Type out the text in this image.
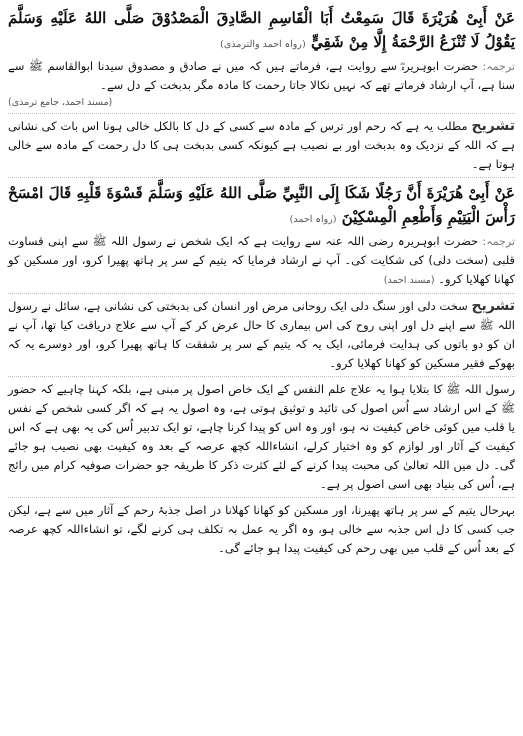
عَنْ أَبِىْ هُرَيْرَةَ قَالَ سَمِعْتُ أَبَا الْقَاسِمِ الصَّادِقَ الْمَصْدُوْقَ صَلَّى اللهُ عَلَيْهِ وَسَلَّمَ يَقُوْلُ لَا تُنْزَعُ الرَّحْمَةُ إِلَّا مِنْ شَقِيٍّ (رواہ احمد والترمذی)

ترجمہ: حضرت ابوہریرہؓ سے روایت ہے، فرماتے ہیں کہ میں نے صادق و مصدوق سیدنا ابوالقاسم ﷺ سے سنا ہے، آپ ارشاد فرماتے تھے کہ نہیں نکالا جاتا رحمت کا مادہ مگر بدبخت کے دل سے۔

(مسند احمد، جامع ترمذی)

تشریح مطلب یہ ہے کہ رحم اور ترس کے مادہ سے کسی کے دل کا بالکل خالی ہونا اس بات کی نشانی ہے کہ اللہ کے نزدیک وہ بدبخت اور بے نصیب ہے کیونکہ کسی بدبخت ہی کا دل رحمت کے مادہ سے خالی ہوتا ہے۔

عَنْ أَبِىْ هُرَيْرَةَ أَنَّ رَجُلًا شَكَا إِلَى النَّبِيِّ صَلَّى اللهُ عَلَيْهِ وَسَلَّمَ قَسْوَةَ قَلْبِهِ قَالَ امْسَحْ رَأْسَ الْيَتِيْمِ وَأَطْعِمِ الْمِسْكِيْنَ (رواہ احمد)

ترجمہ: حضرت ابوہریرہ رضی اللہ عنہ سے روایت ہے کہ ایک شخص نے رسول اللہ ﷺ سے اپنی قساوت قلبی (سخت دلی) کی شکایت کی۔ آپ نے ارشاد فرمایا کہ یتیم کے سر پر ہاتھ پھیرا کرو، اور مسکین کو کھانا کھلایا کرو۔ (مسند احمد)

تشریح سخت دلی اور سنگ دلی ایک روحانی مرض اور انسان کی بدبختی کی نشانی ہے، سائل نے رسول اللہ ﷺ سے اپنے دل اور اپنی روح کی اس بیماری کا حال عرض کر کے آپ سے علاج دریافت کیا تھا، آپ نے ان کو دو باتوں کی ہدایت فرمائی، ایک یہ کہ یتیم کے سر پر شفقت کا ہاتھ پھیرا کرو، اور دوسرے یہ کہ بھوکے فقیر مسکین کو کھانا کھلایا کرو۔

رسول اللہ ﷺ کا بتلایا ہوا یہ علاج علم النفس کے ایک خاص اصول پر مبنی ہے، بلکہ کہنا چاہیے کہ حضور ﷺ کے اس ارشاد سے اُس اصول کی تائید و توثیق ہوتی ہے، وہ اصول یہ ہے کہ اگر کسی شخص کے نفس یا قلب میں کوئی خاص کیفیت نہ ہو، اور وہ اس کو پیدا کرنا چاہے، تو ایک تدبیر اُس کی یہ بھی ہے کہ اس کیفیت کے آثار اور لوازم کو وہ اختیار کرلے، انشاءاللہ کچھ عرصہ کے بعد وہ کیفیت بھی نصیب ہو جائے گی۔ دل میں اللہ تعالیٰ کی محبت پیدا کرنے کے لئے کثرت ذکر کا طریقہ جو حضرات صوفیہ کرام میں رائج ہے، اُس کی بنیاد بھی اسی اصول پر ہے۔

بہرحال یتیم کے سر پر ہاتھ پھیرنا، اور مسکین کو کھانا کھلانا در اصل جذبۂ رحم کے آثار میں سے ہے، لیکن جب کسی کا دل اس جذبہ سے خالی ہو، وہ اگر یہ عمل بہ تکلف ہی کرنے لگے، تو انشاءاللہ کچھ عرصہ کے بعد اُس کے قلب میں بھی رحم کی کیفیت پیدا ہو جائے گی۔
